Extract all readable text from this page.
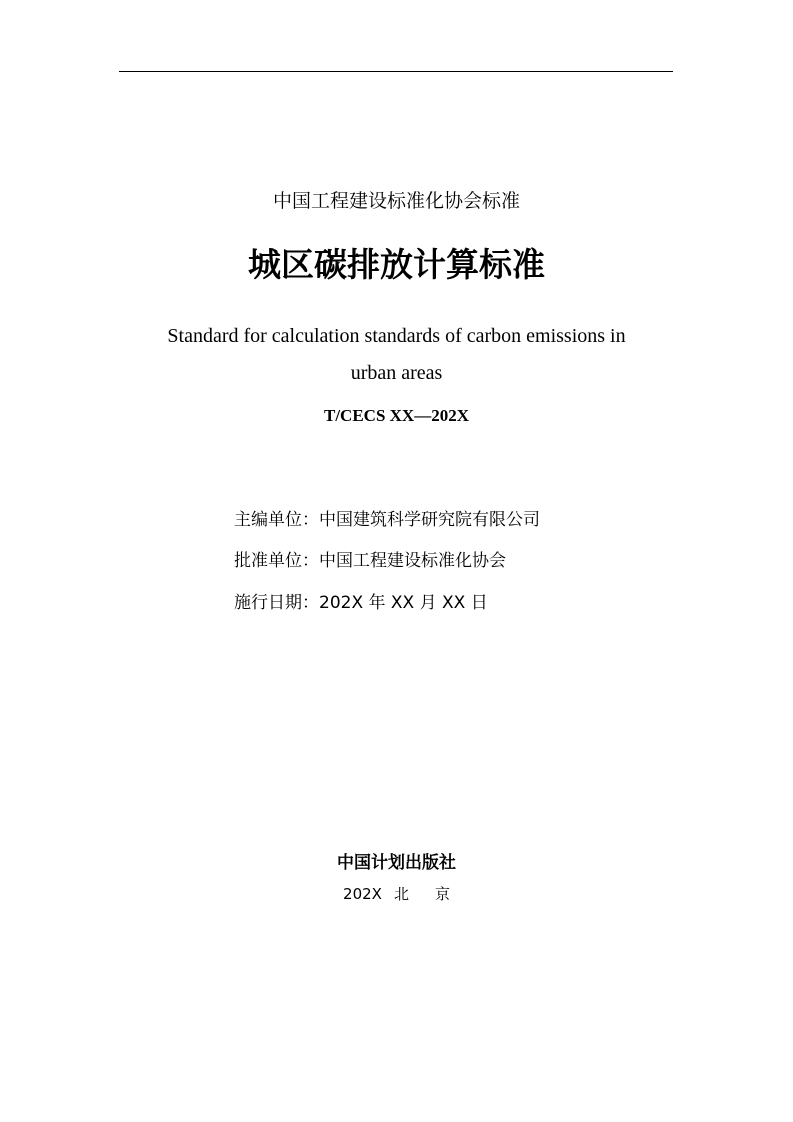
中国工程建设标准化协会标准
城区碳排放计算标准
Standard for calculation standards of carbon emissions in
urban areas
T/CECS XX—202X
主编单位：中国建筑科学研究院有限公司
批准单位：中国工程建设标准化协会
施行日期：202X 年 XX 月 XX 日
中国计划出版社
202X 北 京
